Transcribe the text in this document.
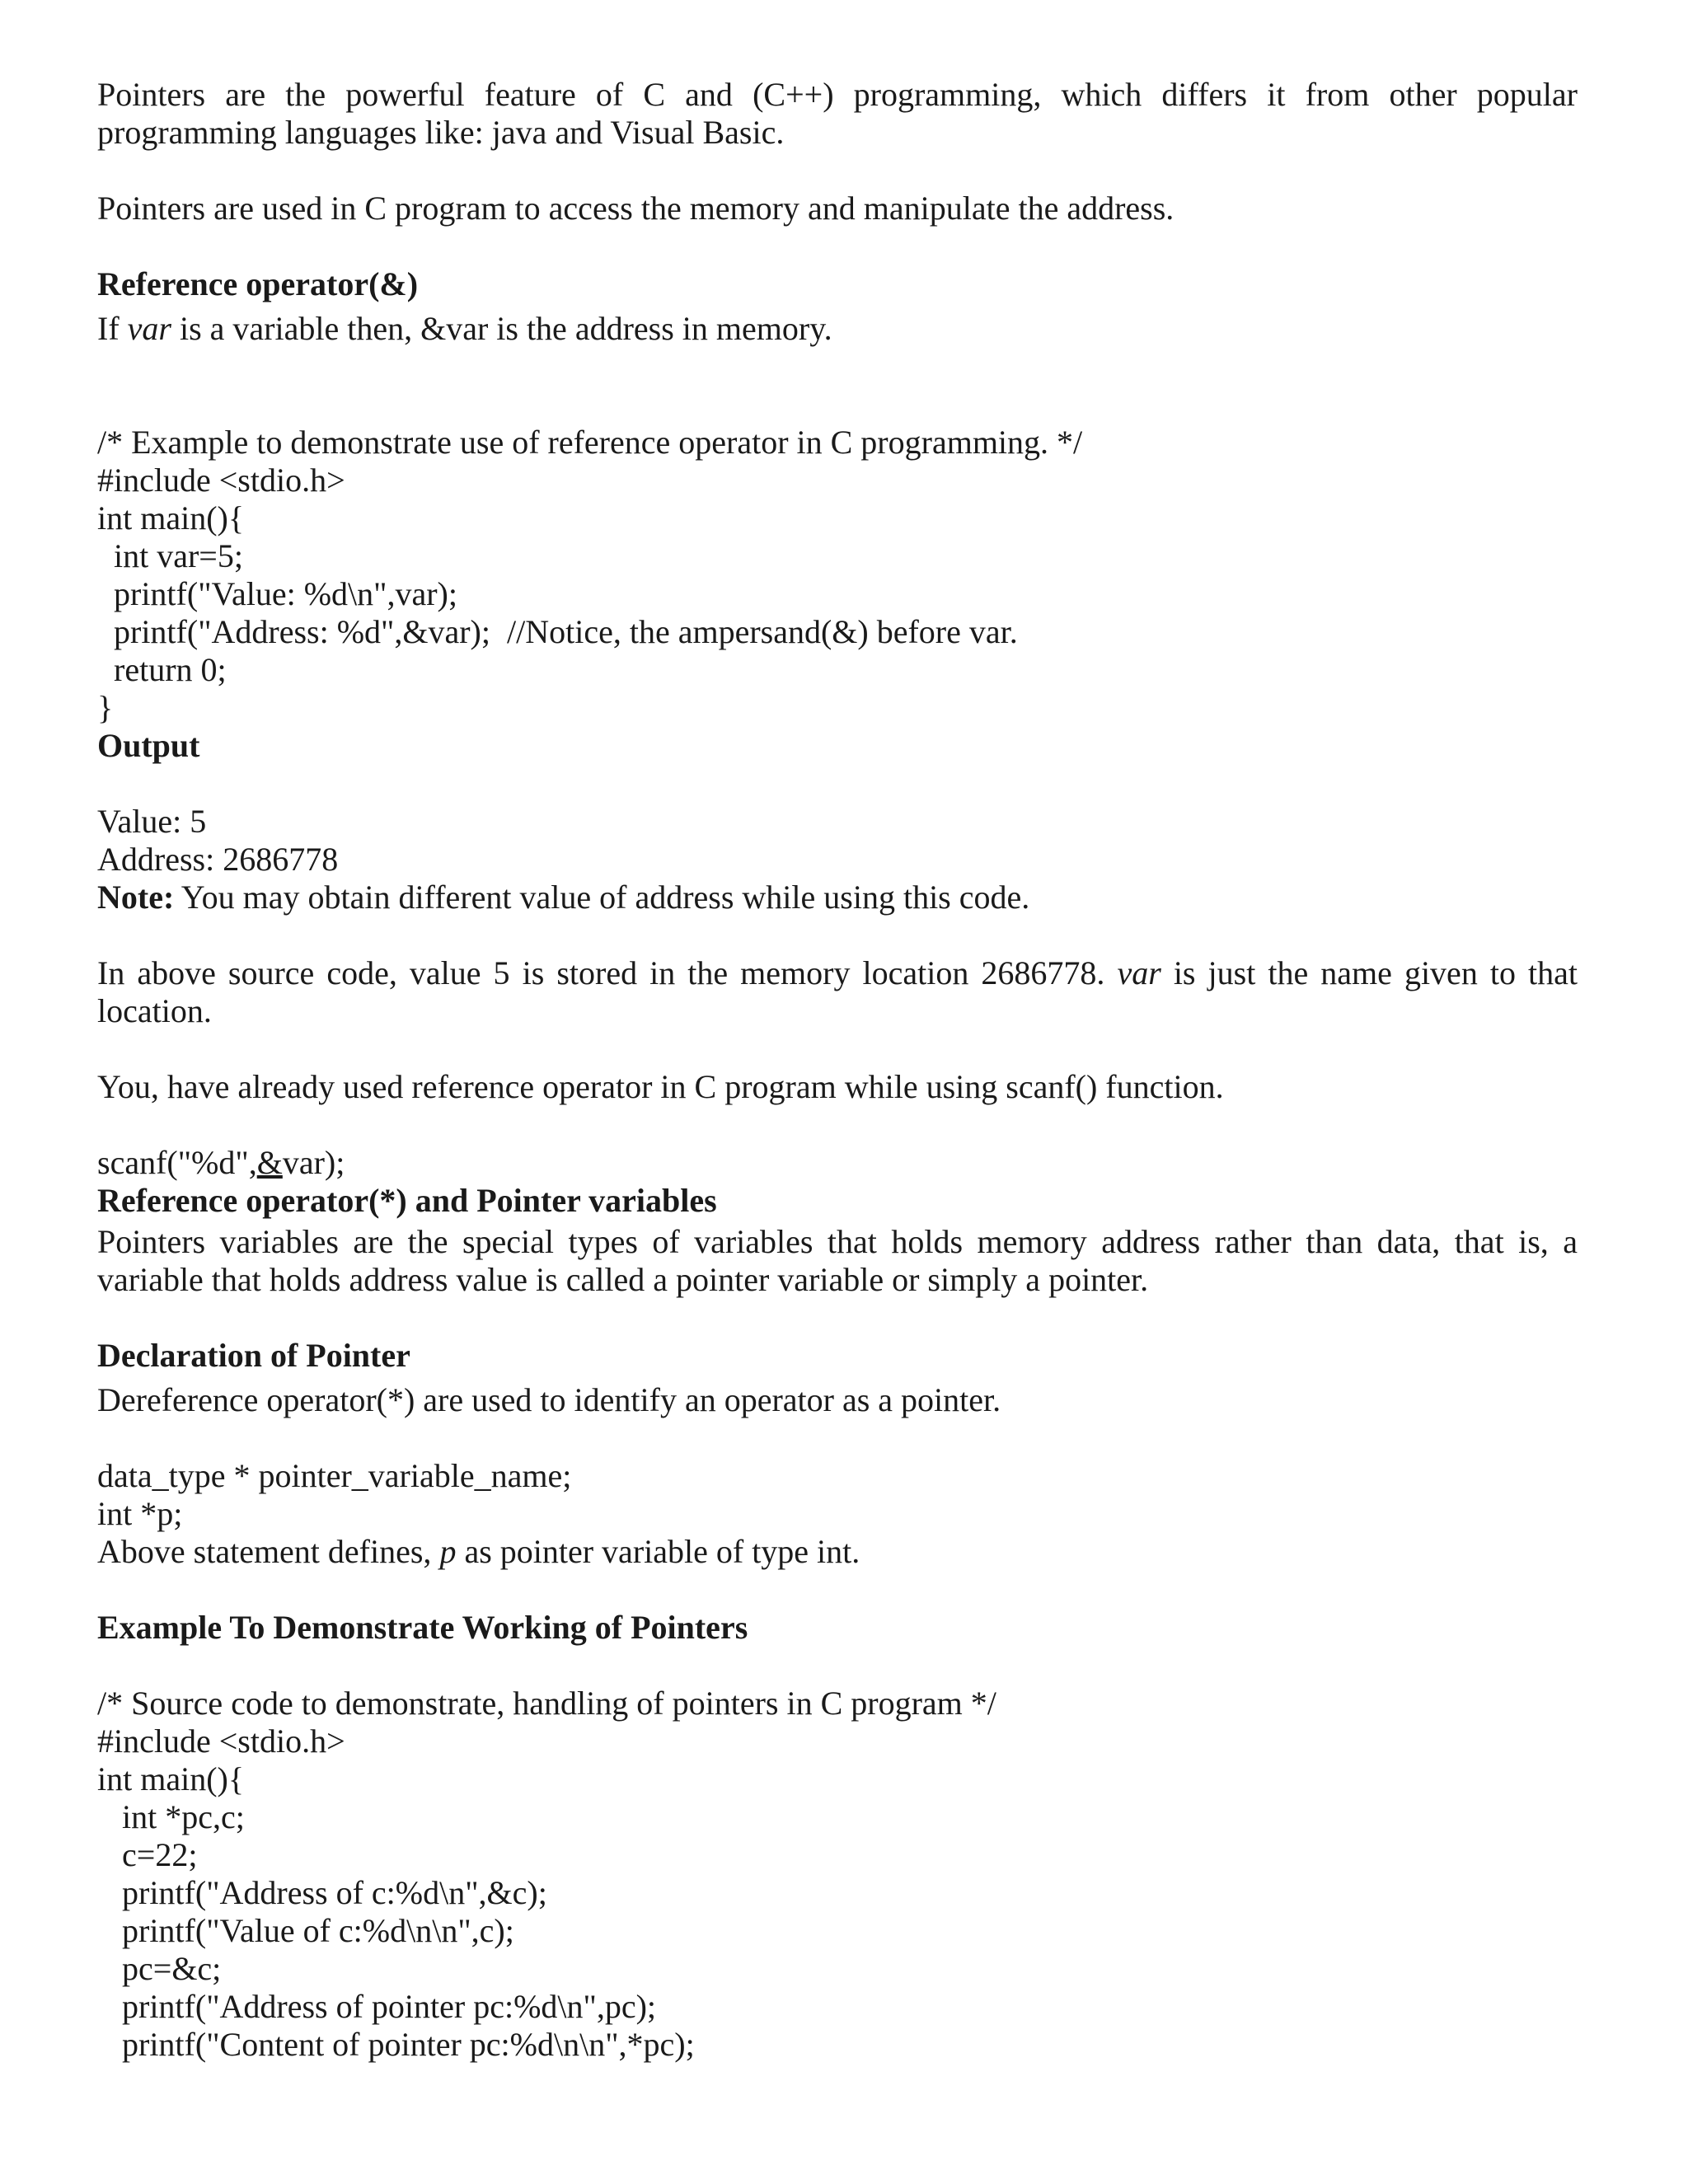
Pointers are the powerful feature of C and (C++) programming, which differs it from other popular

programming languages like: java and Visual Basic.

Pointers are used in C program to access the memory and manipulate the address.

Reference operator(&)

If var is a variable then, &var is the address in memory.

/* Example to demonstrate use of reference operator in C programming. */
#include <stdio.h>
int main(){
int var=5;
printf("Value: %d\n",var);
printf("Address: %d",&var);  //Notice, the ampersand(&) before var.
return 0;
}

Output

Value: 5

Address: 2686778

Note: You may obtain different value of address while using this code.

In above source code, value 5 is stored in the memory location 2686778. var is just the name given to that

location.

You, have already used reference operator in C program while using scanf() function.

scanf("%d",&var);

Reference operator(*) and Pointer variables

Pointers variables are the special types of variables that holds memory address rather than data, that is, a

variable that holds address value is called a pointer variable or simply a pointer.

Declaration of Pointer

Dereference operator(*) are used to identify an operator as a pointer.

data_type * pointer_variable_name;
int *p;

Above statement defines, p as pointer variable of type int.

Example To Demonstrate Working of Pointers

/* Source code to demonstrate, handling of pointers in C program */
#include <stdio.h>
int main(){
int *pc,c;
c=22;
printf("Address of c:%d\n",&c);
printf("Value of c:%d\n\n",c);
pc=&c;
printf("Address of pointer pc:%d\n",pc);
printf("Content of pointer pc:%d\n\n",*pc);
